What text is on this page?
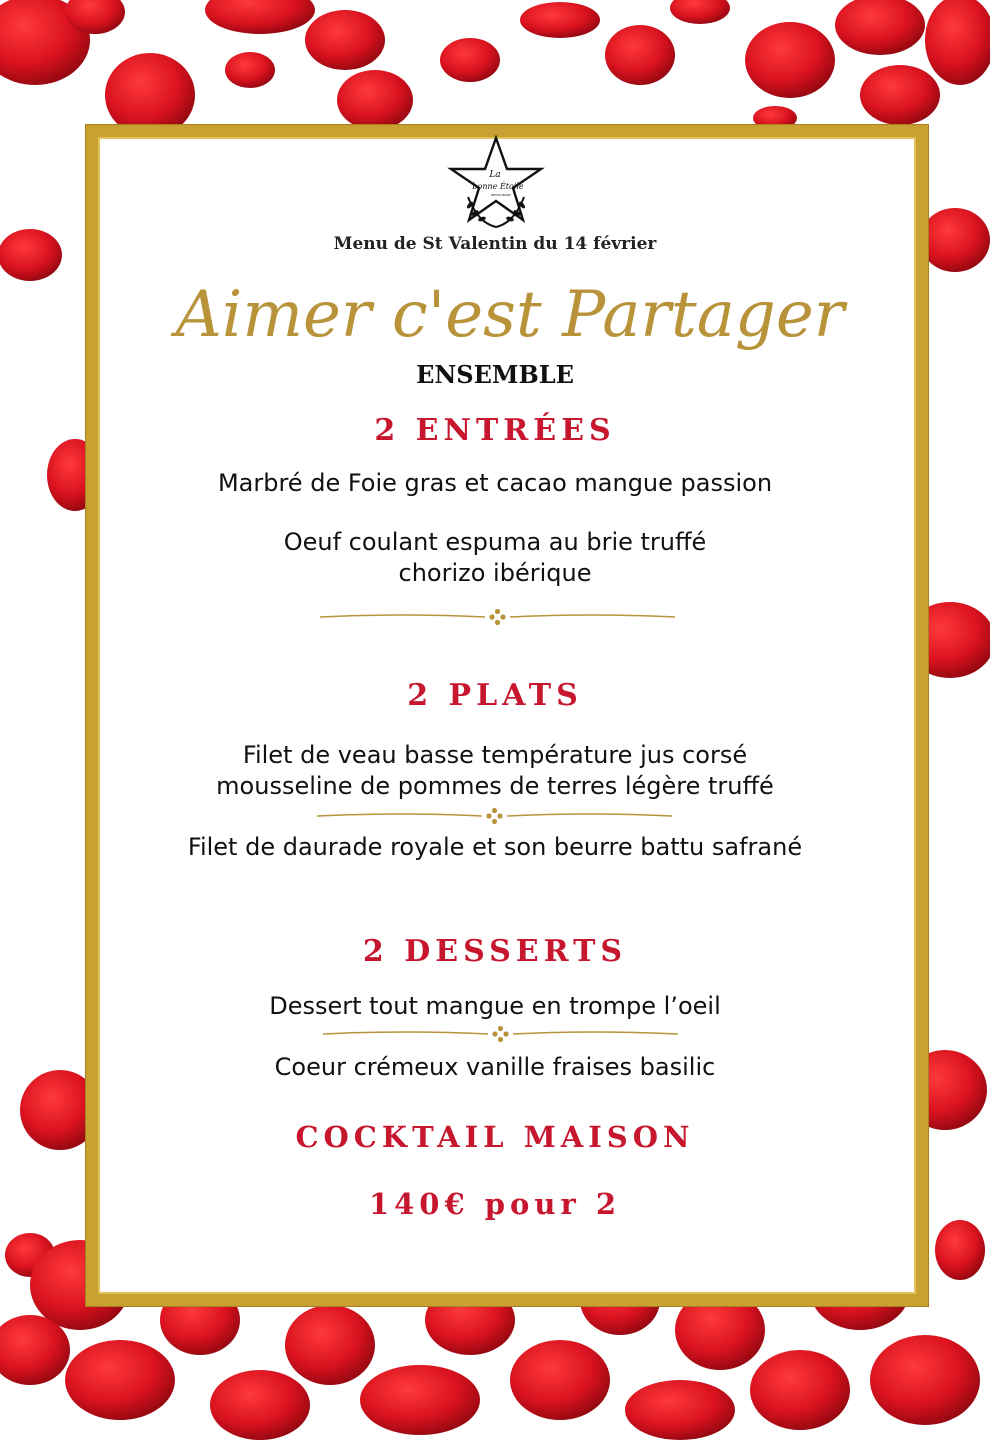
La
bonne Étoile
RESTAURANT
Menu de St Valentin du 14 février
Aimer c'est Partager
ENSEMBLE
2 ENTRÉES
Marbré de Foie gras et cacao mangue passion
Oeuf coulant espuma au brie truffé
chorizo ibérique
2 PLATS
Filet de veau basse température jus corsé
mousseline de pommes de terres légère truffé
Filet de daurade royale et son beurre battu safrané
2 DESSERTS
Dessert tout mangue en trompe l’oeil
Coeur crémeux vanille fraises basilic
COCKTAIL MAISON
140€ pour 2
